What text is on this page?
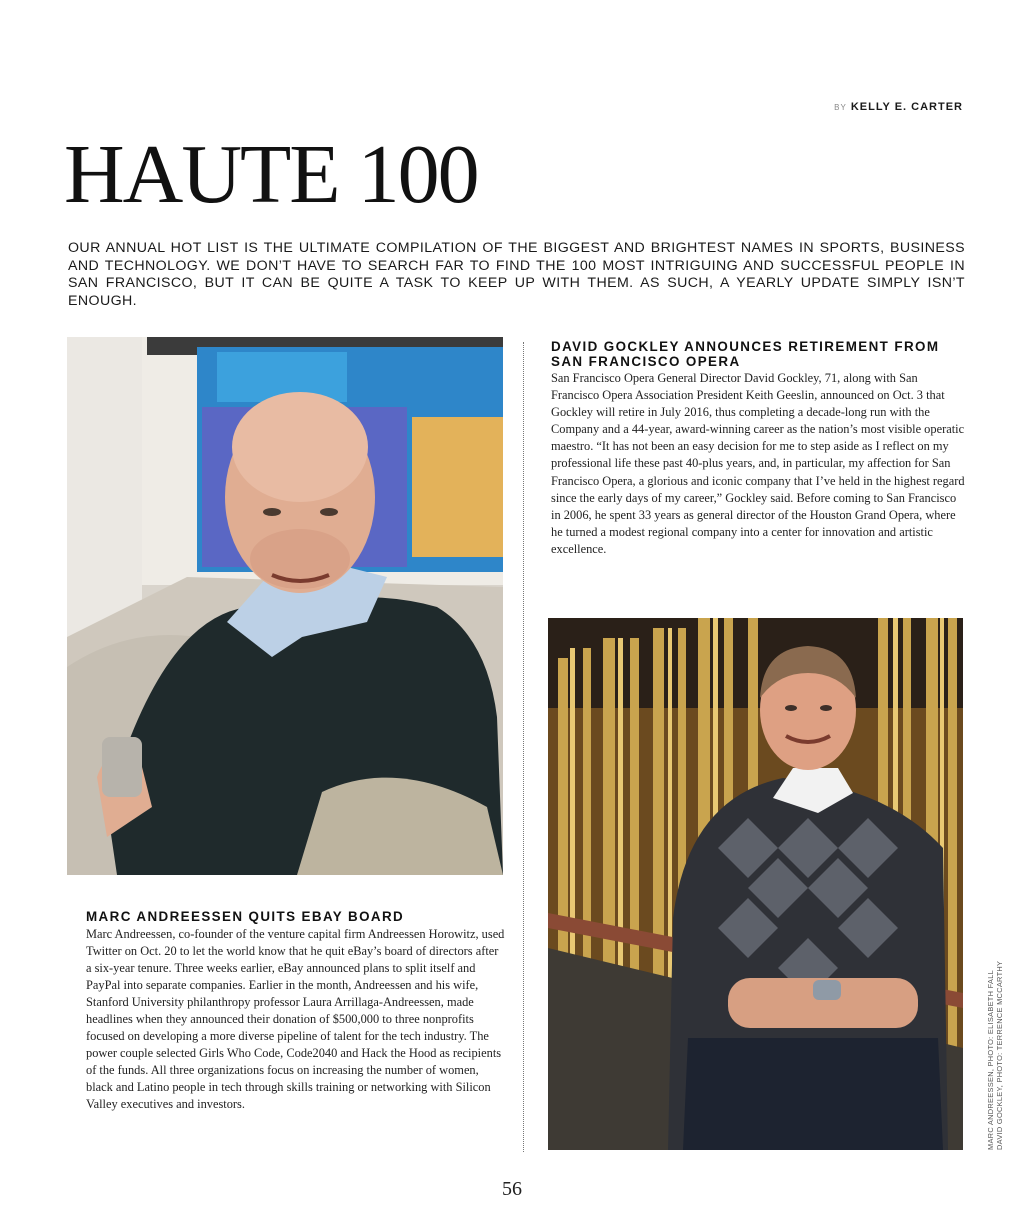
BY KELLY E. CARTER
HAUTE 100

OUR ANNUAL HOT LIST IS THE ULTIMATE COMPILATION OF THE BIGGEST AND BRIGHTEST NAMES IN SPORTS, BUSINESS AND TECHNOLOGY. WE DON’T HAVE TO SEARCH FAR TO FIND THE 100 MOST INTRIGUING AND SUCCESSFUL PEOPLE IN SAN FRANCISCO, BUT IT CAN BE QUITE A TASK TO KEEP UP WITH THEM. AS SUCH, A YEARLY UPDATE SIMPLY ISN’T ENOUGH.

DAVID GOCKLEY ANNOUNCES RETIREMENT FROM SAN FRANCISCO OPERA

San Francisco Opera General Director David Gockley, 71, along with San Francisco Opera Association President Keith Geeslin, announced on Oct. 3 that Gockley will retire in July 2016, thus completing a decade-long run with the Company and a 44-year, award-winning career as the nation’s most visible operatic maestro. “It has not been an easy decision for me to step aside as I reflect on my professional life these past 40-plus years, and, in particular, my affection for San Francisco Opera, a glorious and iconic company that I’ve held in the highest regard since the early days of my career,” Gockley said. Before coming to San Francisco in 2006, he spent 33 years as general director of the Houston Grand Opera, where he turned a modest regional company into a center for innovation and artistic excellence.

MARC ANDREESSEN QUITS EBAY BOARD

Marc Andreessen, co-founder of the venture capital firm Andreessen Horowitz, used Twitter on Oct. 20 to let the world know that he quit eBay’s board of directors after a six-year tenure. Three weeks earlier, eBay announced plans to split itself and PayPal into separate companies. Earlier in the month, Andreessen and his wife, Stanford University philanthropy professor Laura Arrillaga-Andreessen, made headlines when they announced their donation of $500,000 to three nonprofits focused on developing a more diverse pipeline of talent for the tech industry. The power couple selected Girls Who Code, Code2040 and Hack the Hood as recipients of the funds. All three organizations focus on increasing the number of women, black and Latino people in tech through skills training or networking with Silicon Valley executives and investors.

56
MARC ANDREESSEN, PHOTO: ELISABETH FALL DAVID GOCKLEY, PHOTO: TERRENCE MCCARTHY
